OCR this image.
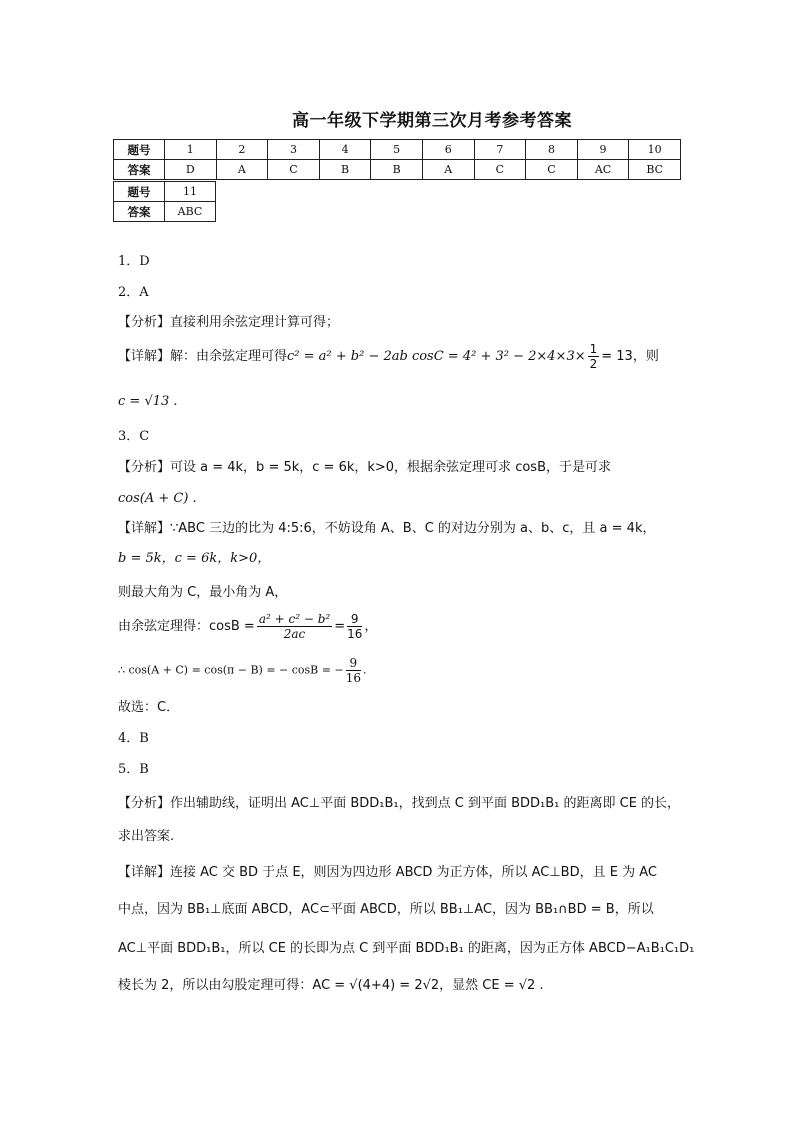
高一年级下学期第三次月考参考答案
题号	1	2	3	4	5	6	7	8	9	10
答案	D	A	C	B	B	A	C	C	AC	BC
题号	11
答案	ABC
1．D
2．A
【分析】直接利用余弦定理计算可得；
【详解】解：由余弦定理可得c² = a² + b² − 2ab $\cos C = 4^2 + 3^2 - 2\times 4\times 3\times \frac{1}{2} = 13$，则
c = √13 .
3．C
【分析】可设 a = 4k，b = 5k，c = 6k，k>0，根据余弦定理可求 cosB，于是可求
cos(A + C) .
【详解】∵ABC 三边的比为 4:5:6，不妨设角 A、B、C 的对边分别为 a、b、c，且 a = 4k，
b = 5k，c = 6k，k>0，
则最大角为 C，最小角为 A，
由余弦定理得：$\cos B = \frac{\text{a² + c² − b²}}{2ac} = \frac{9}{16}$ ，
∴ cos(A + C) = cos(π − B) = − cosB = − $\frac{9}{16}$ .
故选：C．
4．B
5．B
【分析】作出辅助线，证明出 AC⊥平面 BDD₁B₁，找到点 C 到平面 BDD₁B₁ 的距离即 CE 的长，
求出答案.
【详解】连接 AC 交 BD 于点 E，则因为四边形 ABCD 为正方体，所以 AC⊥BD，且 E 为 AC
中点，因为 BB₁⊥底面 ABCD，AC⊂平面 ABCD，所以 BB₁⊥AC，因为 BB₁∩BD = B，所以
AC⊥平面 BDD₁B₁，所以 CE 的长即为点 C 到平面 BDD₁B₁ 的距离，因为正方体 ABCD−A₁B₁C₁D₁
棱长为 2，所以由勾股定理可得：AC = √(4+4) = 2√2，显然 CE = √2 .
